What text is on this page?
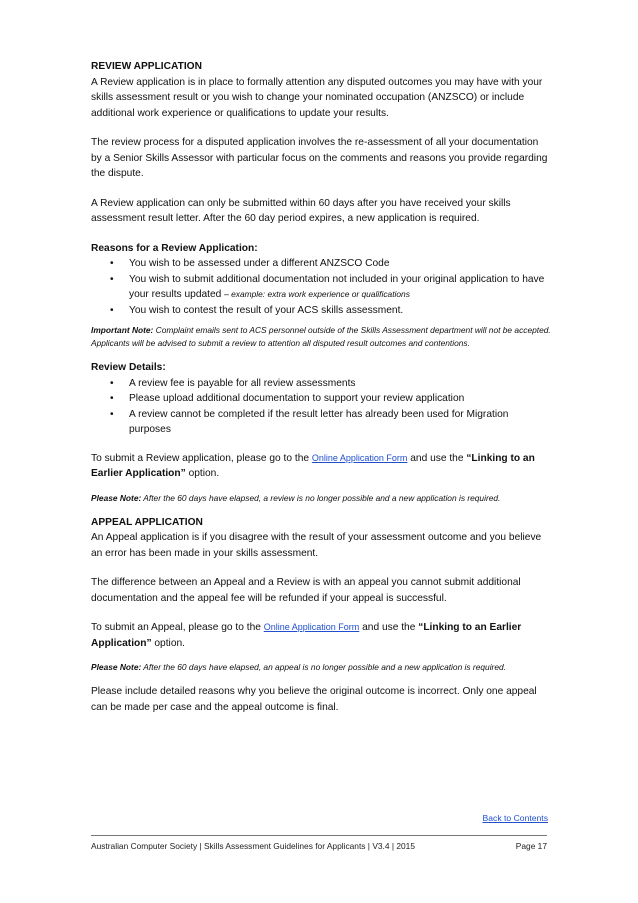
REVIEW APPLICATION

A Review application is in place to formally attention any disputed outcomes you may have with your skills assessment result or you wish to change your nominated occupation (ANZSCO) or include additional work experience or qualifications to update your results.

The review process for a disputed application involves the re-assessment of all your documentation by a Senior Skills Assessor with particular focus on the comments and reasons you provide regarding the dispute.

A Review application can only be submitted within 60 days after you have received your skills assessment result letter. After the 60 day period expires, a new application is required.

Reasons for a Review Application:

• You wish to be assessed under a different ANZSCO Code
• You wish to submit additional documentation not included in your original application to have your results updated – example: extra work experience or qualifications
• You wish to contest the result of your ACS skills assessment.

Important Note: Complaint emails sent to ACS personnel outside of the Skills Assessment department will not be accepted. Applicants will be advised to submit a review to attention all disputed result outcomes and contentions.

Review Details:

• A review fee is payable for all review assessments
• Please upload additional documentation to support your review application
• A review cannot be completed if the result letter has already been used for Migration purposes

To submit a Review application, please go to the Online Application Form and use the “Linking to an Earlier Application” option.

Please Note: After the 60 days have elapsed, a review is no longer possible and a new application is required.

APPEAL APPLICATION

An Appeal application is if you disagree with the result of your assessment outcome and you believe an error has been made in your skills assessment.

The difference between an Appeal and a Review is with an appeal you cannot submit additional documentation and the appeal fee will be refunded if your appeal is successful.

To submit an Appeal, please go to the Online Application Form and use the “Linking to an Earlier Application” option.

Please Note: After the 60 days have elapsed, an appeal is no longer possible and a new application is required.

Please include detailed reasons why you believe the original outcome is incorrect. Only one appeal can be made per case and the appeal outcome is final.

Back to Contents
Australian Computer Society | Skills Assessment Guidelines for Applicants | V3.4 | 2015	Page 17
